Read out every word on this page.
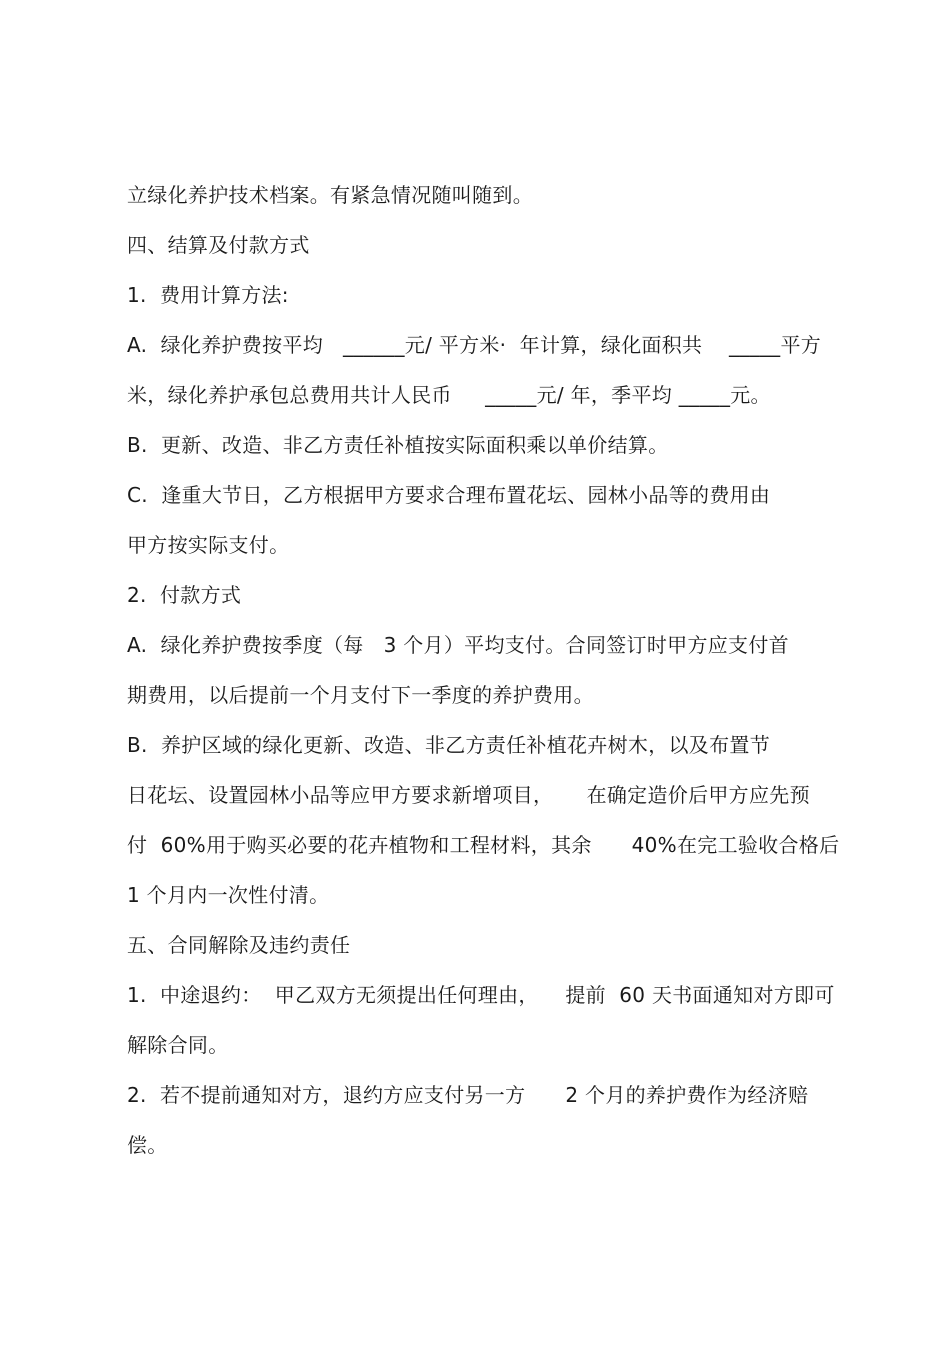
立绿化养护技术档案。有紧急情况随叫随到。
四、结算及付款方式
1.  费用计算方法:
A.  绿化养护费按平均   ______元/ 平方米·  年计算，绿化面积共    _____平方
米，绿化养护承包总费用共计人民币     _____元/ 年，季平均 _____元。
B.  更新、改造、非乙方责任补植按实际面积乘以单价结算。
C.  逢重大节日，乙方根据甲方要求合理布置花坛、园林小品等的费用由
甲方按实际支付。
2.  付款方式
A.  绿化养护费按季度（每   3 个月）平均支付。合同签订时甲方应支付首
期费用，以后提前一个月支付下一季度的养护费用。
B.  养护区域的绿化更新、改造、非乙方责任补植花卉树木，以及布置节
日花坛、设置园林小品等应甲方要求新增项目，     在确定造价后甲方应先预
付  60%用于购买必要的花卉植物和工程材料，其余      40%在完工验收合格后
1 个月内一次性付清。
五、合同解除及违约责任
1.  中途退约：  甲乙双方无须提出任何理由，    提前  60 天书面通知对方即可
解除合同。
2.  若不提前通知对方，退约方应支付另一方      2 个月的养护费作为经济赔
偿。
